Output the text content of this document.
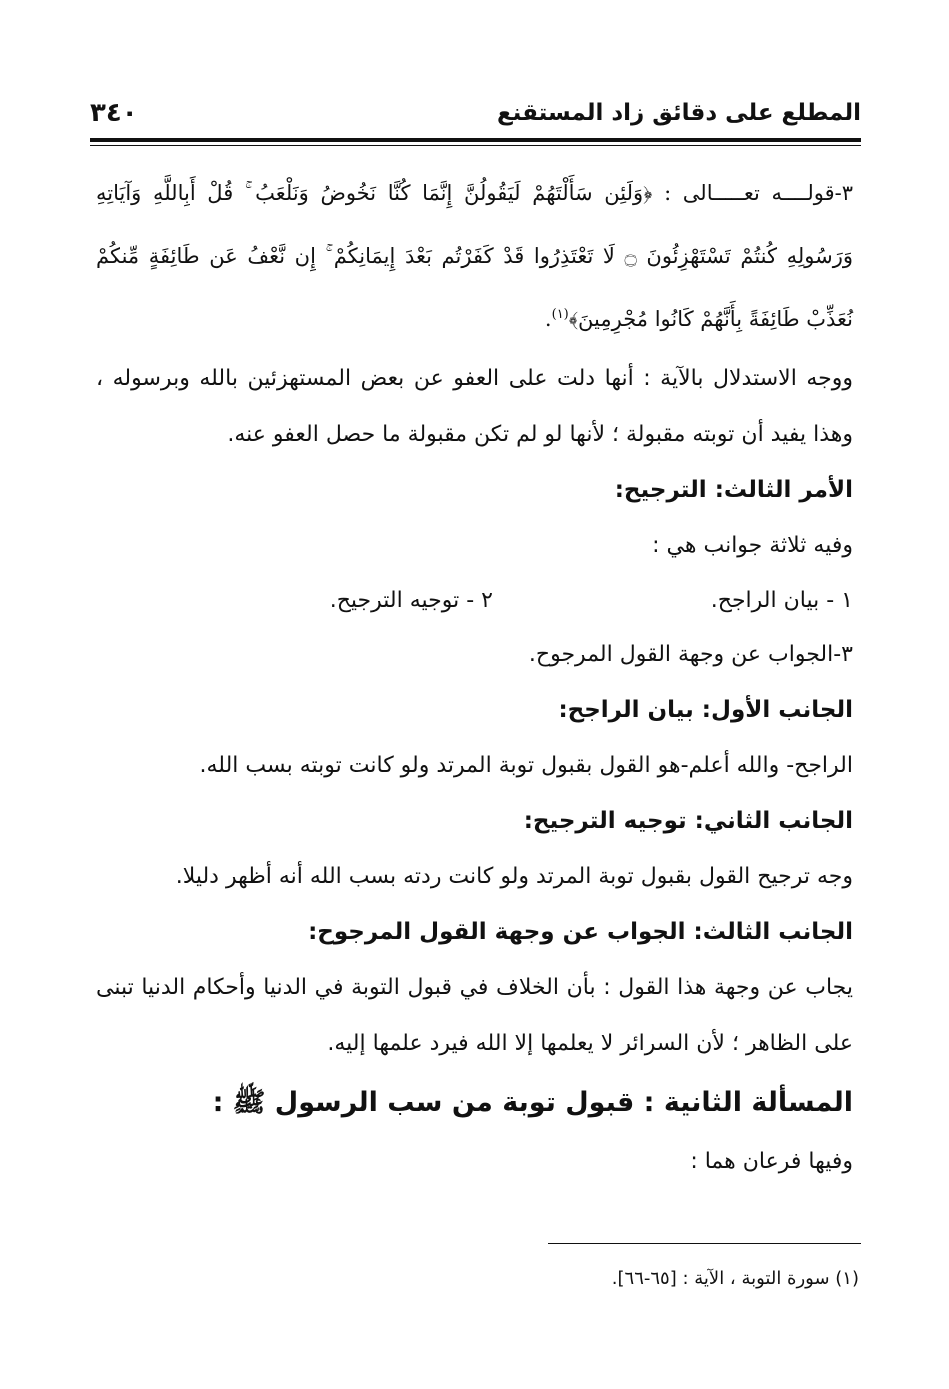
٣٤٠	المطلع على دقائق زاد المستقنع

٣-قولــــه تعـــــالى : ﴿وَلَئِن سَأَلْتَهُمْ لَيَقُولُنَّ إِنَّمَا كُنَّا نَخُوضُ وَنَلْعَبُ ۚ قُلْ أَبِاللَّهِ وَآيَاتِهِ وَرَسُولِهِ كُنتُمْ تَسْتَهْزِئُونَ ۝ لَا تَعْتَذِرُوا قَدْ كَفَرْتُم بَعْدَ إِيمَانِكُمْ ۚ إِن نَّعْفُ عَن طَائِفَةٍ مِّنكُمْ نُعَذِّبْ طَائِفَةً بِأَنَّهُمْ كَانُوا مُجْرِمِينَ﴾$^{(١)}$.

ووجه الاستدلال بالآية : أنها دلت على العفو عن بعض المستهزئين بالله وبرسوله ، وهذا يفيد أن توبته مقبولة ؛ لأنها لو لم تكن مقبولة ما حصل العفو عنه.

الأمر الثالث: الترجيح:

وفيه ثلاثة جوانب هي :

١ - بيان الراجح.
٢ - توجيه الترجيح.

٣-الجواب عن وجهة القول المرجوح.

الجانب الأول: بيان الراجح:

الراجح- والله أعلم-هو القول بقبول توبة المرتد ولو كانت توبته بسب الله.

الجانب الثاني: توجيه الترجيح:

وجه ترجيح القول بقبول توبة المرتد ولو كانت ردته بسب الله أنه أظهر دليلا.

الجانب الثالث: الجواب عن وجهة القول المرجوح:

يجاب عن وجهة هذا القول : بأن الخلاف في قبول التوبة في الدنيا وأحكام الدنيا تبنى على الظاهر ؛ لأن السرائر لا يعلمها إلا الله فيرد علمها إليه.

المسألة الثانية : قبول توبة من سب الرسول ﷺ :

وفيها فرعان هما :

(١) سورة التوبة ، الآية : [٦٥-٦٦].
